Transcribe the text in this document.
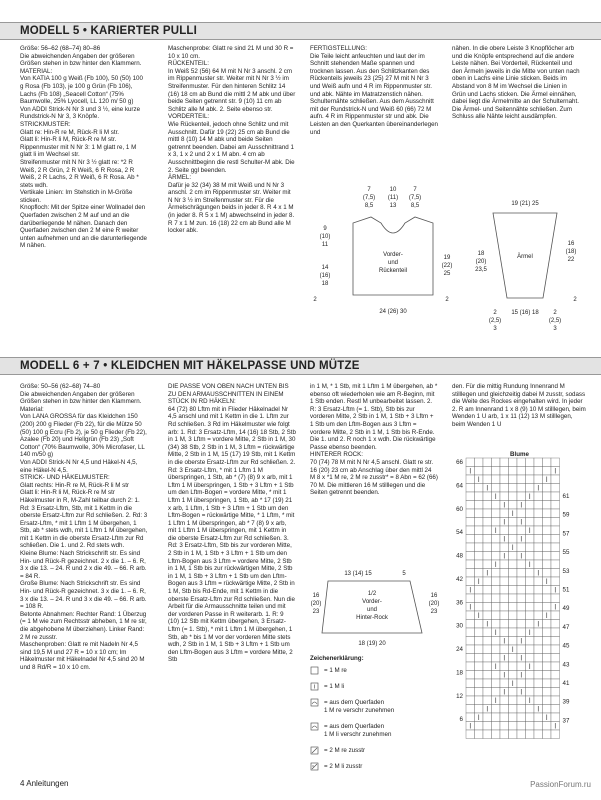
MODELL 5 • KARIERTER PULLI
Größe: 56–62 (68–74) 80–86
Die abweichenden Angaben der größeren Größen stehen in bzw hinter den Klammern.
MATERIAL:
Von KATIA 100 g Weiß (Fb 100), 50 (50) 100 g Rosa (Fb 103), je 100 g Grün (Fb 106), Lachs (Fb 108) „Seacell Cotton“ (75% Baumwolle, 25% Lyocell, LL 120 m/ 50 g)
Von ADDI Strick-N Nr 3 und 3 ½, eine kurze Rundstrick-N Nr 3, 3 Knöpfe.
STRICKMUSTER:
Glatt re: Hin-R re M, Rück-R li M str.
Glatt li: Hin-R li M, Rück-R re M str.
Rippenmuster mit N Nr 3: 1 M glatt re, 1 M glatt li im Wechsel str.
Streifenmuster mit N Nr 3 ½ glatt re: *2 R Weiß, 2 R Grün, 2 R Weiß, 6 R Rosa, 2 R Weiß, 2 R Lachs, 2 R Weiß, 6 R Rosa. Ab * stets wdh.
Vertikale Linien: Im Stehstich in M-Größe sticken.
Knopfloch: Mit der Spitze einer Wollnadel den Querfaden zwischen 2 M auf und an die darüberliegende M nähen. Danach den Querfaden zwischen den 2 M eine R weiter unten aufnehmen und an die darunterliegende M nähen.
Maschenprobe: Glatt re sind 21 M und 30 R = 10 x 10 cm.
RÜCKENTEIL:
In Weiß 52 (56) 64 M mit N Nr 3 anschl. 2 cm im Rippenmuster str. Weiter mit N Nr 3 ½ im Streifenmuster. Für den hinteren Schlitz 14 (16) 18 cm ab Bund die mittl 2 M abk und über beide Seiten getrennt str. 9 (10) 11 cm ab Schlitz alle M abk. 2. Seite ebenso str.
VORDERTEIL:
Wie Rückenteil, jedoch ohne Schlitz und mit Ausschnitt. Dafür 19 (22) 25 cm ab Bund die mittl 8 (10) 14 M abk und beide Seiten getrennt beenden. Dabei am Ausschnittrand 1 x 3, 1 x 2 und 2 x 1 M abn. 4 cm ab Ausschnittbeginn die restl Schulter-M abk. Die 2. Seite ggl beenden.
ÄRMEL:
Dafür je 32 (34) 38 M mit Weiß und N Nr 3 anschl. 2 cm im Rippenmuster str. Weiter mit N Nr 3 ½ im Streifenmuster str. Für die Ärmelschrägungen beids in jeder 8. R 4 x 1 M (in jeder 8. R 5 x 1 M) abwechselnd in jeder 8. R 7 x 1 M zun. 16 (18) 22 cm ab Bund alle M locker abk.
FERTIGSTELLUNG:
Die Teile leicht anfeuchten und laut der im Schnitt stehenden Maße spannen und trocknen lassen. Aus den Schlitzkanten des Rückenteils jeweils 23 (25) 27 M mit N Nr 3 und Weiß aufn und 4 R im Rippenmuster str. und abk. Nähte im Matratzenstich nähen. Schulternähte schließen. Aus dem Ausschnitt mit der Rundstrick-N und Weiß 60 (66) 72 M aufn. 4 R im Rippenmuster str und abk. Die Leisten an den Querkanten übereinanderlegen und
nähen. In die obere Leiste 3 Knopflöcher arb und die Knöpfe entsprechend auf die andere Leiste nähen. Bei Vorderteil, Rückenteil und den Ärmeln jeweils in die Mitte von unten nach oben in Lachs eine Linie sticken. Beids im Abstand von 8 M im Wechsel die Linien in Grün und Lachs sticken. Die Ärmel einnähen, dabei liegt die Ärmelmitte an der Schulternaht. Die Ärmel- und Seitennähte schließen. Zum Schluss alle Nähte leicht ausdämpfen.
Vorder-
und
Rückenteil
Ärmel
7
(7,5)
8,5
10
(11)
13
7
(7,5)
8,5
9
(10)
11
14
(16)
18
19
(22)
25
24 (26) 30
2	2
19 (21) 25
18
(20)
23,5
16
(18)
22
15 (16) 18
2
(2,5)
3
2
(2,5)
3
2
MODELL 6 + 7 • KLEIDCHEN MIT HÄKELPASSE UND MÜTZE
Größe: 50–56 (62–68) 74–80
Die abweichenden Angaben der größeren Größen stehen in bzw hinter den Klammern.
Material:
Von LANA GROSSA für das Kleidchen 150 (200) 200 g Flieder (Fb 22), für die Mütze 50 (50) 100 g Ecru (Fb 2), je 50 g Flieder (Fb 22), Azalee (Fb 20) und Hellgrün (Fb 23) „Soft Cotton“ (70% Baumwolle, 30% Microfaser, LL 140 m/50 g)
Von ADDI Strick-N Nr 4,5 und Häkel-N 4,5, eine Häkel-N 4,5.
STRICK- UND HÄKELMUSTER:
Glatt rechts: Hin-R re M, Rück-R li M str
Glatt li: Hin-R li M, Rück-R re M str
Häkelmuster in R, M-Zahl teilbar durch 2: 1. Rd: 3 Ersatz-Lftm, Stb, mit 1 Kettm in die oberste Ersatz-Lftm zur Rd schließen. 2. Rd: 3 Ersatz-Lftm, * mit 1 Lftm 1 M übergehen, 1 Stb, ab * stets wdh, mit 1 Lftm 1 M übergehen, mit 1 Kettm in die oberste Ersatz-Lftm zur Rd schließen. Die 1. und 2. Rd stets wdh.
Kleine Blume: Nach Strickschrift str. Es sind Hin- und Rück-R gezeichnet. 2 x die 1. – 6. R, 3 x die 13. – 24. R und 2 x die 49. – 66. R arb. = 84 R.
Große Blume: Nach Strickschrift str. Es sind Hin- und Rück-R gezeichnet. 3 x die 1. – 6. R, 3 x die 13. – 24. R und 3 x die 49. – 66. R arb. = 108 R.
Betonte Abnahmen: Rechter Rand: 1 Überzug (= 1 M wie zum Rechtsstr abheben, 1 M re str, die abgehobene M überziehen). Linker Rand: 2 M re zusstr.
Maschenproben: Glatt re mit Nadeln Nr 4,5 sind 19,5 M und 27 R = 10 x 10 cm; Im Häkelmuster mit Häkelnadel Nr 4,5 sind 20 M und 8 Rd/R = 10 x 10 cm.
DIE PASSE VON OBEN NACH UNTEN BIS ZU DEN ARMAUSSCHNITTEN IN EINEM STÜCK IN RD HÄKELN:
64 (72) 80 Lftm mit in Flieder Häkelnadel Nr 4,5 anschl und mit 1 Kettm in die 1. Lftm zur Rd schließen. 3 Rd im Häkelmuster wie folgt arb: 1. Rd: 3 Ersatz-Lftm, 14 (16) 18 Stb, 2 Stb in 1 M, 3 Lftm = vordere Mitte, 2 Stb in 1 M, 30 (34) 38 Stb, 2 Stb in 1 M, 3 Lftm = rückwärtige Mitte, 2 Stb in 1 M, 15 (17) 19 Stb, mit 1 Kettm in die oberste Ersatz-Lftm zur Rd schließen. 2. Rd: 3 Ersatz-Lftm, * mit 1 Lftm 1 M überspringen, 1 Stb, ab * (7) (8) 9 x arb, mit 1 Lftm 1 M überspringen, 1 Stb + 3 Lftm + 1 Stb um den Lftm-Bogen = vordere Mitte, * mit 1 Lftm 1 M überspringen, 1 Stb, ab * 17 (19) 21 x arb, 1 Lftm, 1 Stb + 3 Lftm + 1 Stb um den Lftm-Bogen = rückwärtige Mitte, * 1 Lftm, * mit 1 Lftm 1 M überspringen, ab * 7 (8) 9 x arb, mit 1 Lftm 1 M überspringen, mit 1 Kettm in die oberste Ersatz-Lftm zur Rd schließen. 3. Rd: 3 Ersatz-Lftm, Stb bis zur vorderen Mitte, 2 Stb in 1 M, 1 Stb + 3 Lftm + 1 Stb um den Lftm-Bogen aus 3 Lftm = vordere Mitte, 2 Stb in 1 M, 1 Stb bis zur rückwärtigen Mitte, 2 Stb in 1 M, 1 Stb + 3 Lftm + 1 Stb um den Lftm-Bogen aus 3 Lftm = rückwärtige Mitte, 2 Stb in 1 M, Stb bis Rd-Ende, mit 1 Kettm in die oberste Ersatz-Lftm zur Rd schließen. Nun die Arbeit für die Armausschnitte teilen und mit der vorderen Passe in R weiterarb. 1. R: 9 (10) 12 Stb mit Kettm übergehen, 3 Ersatz-Lftm (= 1. Stb), * mit 1 Lftm 1 M übergehen, 1 Stb, ab * bis 1 M vor der vorderen Mitte stets wdh, 2 Stb in 1 M, 1 Stb + 3 Lftm + 1 Stb um den Lftm-Bogen aus 3 Lftm = vordere Mitte, 2 Stb
in 1 M, * 1 Stb, mit 1 Lftm 1 M übergehen, ab * ebenso oft wiederholen wie am R-Beginn, mit 1 Stb enden. Restl M unbearbeitet lassen. 2. R: 3 Ersatz-Lftm (= 1. Stb), Stb bis zur vorderen Mitte, 2 Stb in 1 M, 1 Stb + 3 Lftm + 1 Stb um den Lftm-Bogen aus 3 Lftm = vordere Mitte, 2 Stb in 1 M, 1 Stb bis R-Ende. Die 1. und 2. R noch 1 x wdh. Die rückwärtige Passe ebenso beenden.
HINTERER ROCK:
70 (74) 78 M mit N Nr 4,5 anschl. Glatt re str. 16 (20) 23 cm ab Anschlag über den mittl 24 M 8 x *1 M re, 2 M re zusstr* = 8 Abn = 62 (66) 70 M. Die mittleren 16 M stilllegen und die Seiten getrennt beenden.
den. Für die mittig Rundung Innenrand M stilllegen und gleichzeitig dabei M zusstr, sodass die Weite des Rockes eingehalten wird. In jeder 2. R am Innenrand 1 x 8 (9) 10 M stilllegen, beim Wenden 1 U arb, 1 x 11 (12) 13 M stilllegen, beim Wenden 1 U
13 (14) 15	5
1/2
Vorder-
und
Hinter-Rock
16
(20)
23
16
(20)
23
18 (19) 20
Zeichenerklärung:
= 1 M re
= 1 M li
= aus dem Querfaden
1 M re verschr zunehmen
= aus dem Querfaden
1 M li verschr zunehmen
= 2 M re zusstr
= 2 M li zusstr
Blume
66
64
60
54
48
42
36
30
24
18
12
6
61
59
57
55
53
51
49
47
45
43
41
39
37
4 Anleitungen	PassionForum.ru
